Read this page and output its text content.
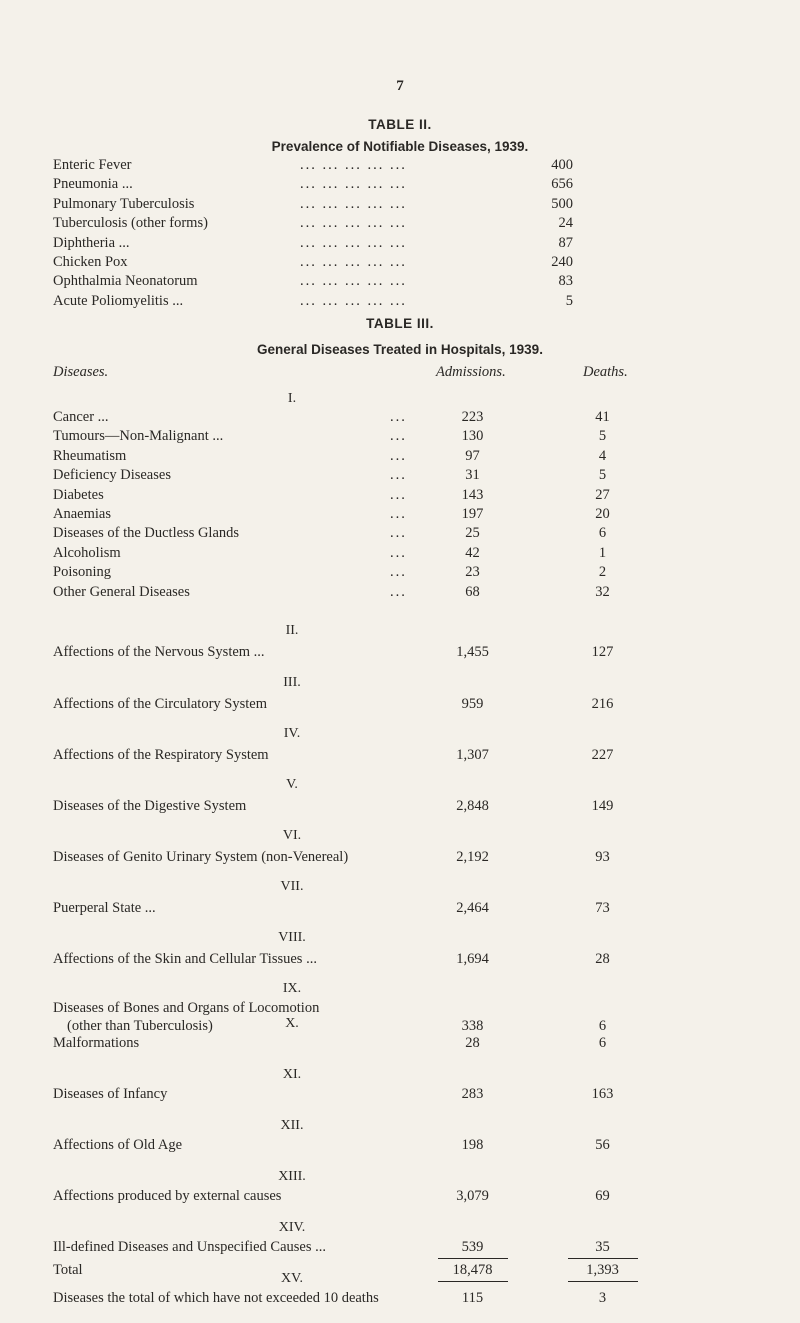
7
TABLE II.
Prevalence of Notifiable Diseases, 1939.
Enteric Fever	... ... ... ... ...	400
Pneumonia ...	... ... ... ... ...	656
Pulmonary Tuberculosis	... ... ... ... ...	500
Tuberculosis (other forms)	... ... ... ... ...	24
Diphtheria ...	... ... ... ... ...	87
Chicken Pox	... ... ... ... ...	240
Ophthalmia Neonatorum	... ... ... ... ...	83
Acute Poliomyelitis ...	... ... ... ... ...	5
TABLE III.
General Diseases Treated in Hospitals, 1939.
Diseases.	Admissions.	Deaths.
I.
Cancer ...	...	223	41
Tumours—Non-Malignant ...	...	130	5
Rheumatism	...	97	4
Deficiency Diseases	...	31	5
Diabetes	...	143	27
Anaemias	...	197	20
Diseases of the Ductless Glands	...	25	6
Alcoholism	...	42	1
Poisoning	...	23	2
Other General Diseases	...	68	32
II.
Affections of the Nervous System ...	1,455	127
III.
Affections of the Circulatory System	959	216
IV.
Affections of the Respiratory System	1,307	227
V.
Diseases of the Digestive System	2,848	149
VI.
Diseases of Genito Urinary System (non-Venereal)	2,192	93
VII.
Puerperal State ...	2,464	73
VIII.
Affections of the Skin and Cellular Tissues ...	1,694	28
IX.
Diseases of Bones and Organs of Locomotion
(other than Tuberculosis)	338	6
X.
Malformations	28	6
XI.
Diseases of Infancy	283	163
XII.
Affections of Old Age	198	56
XIII.
Affections produced by external causes	3,079	69
XIV.
Ill-defined Diseases and Unspecified Causes ...	539	35
XV.
Diseases the total of which have not exceeded 10 deaths	115	3
Total	18,478	1,393
